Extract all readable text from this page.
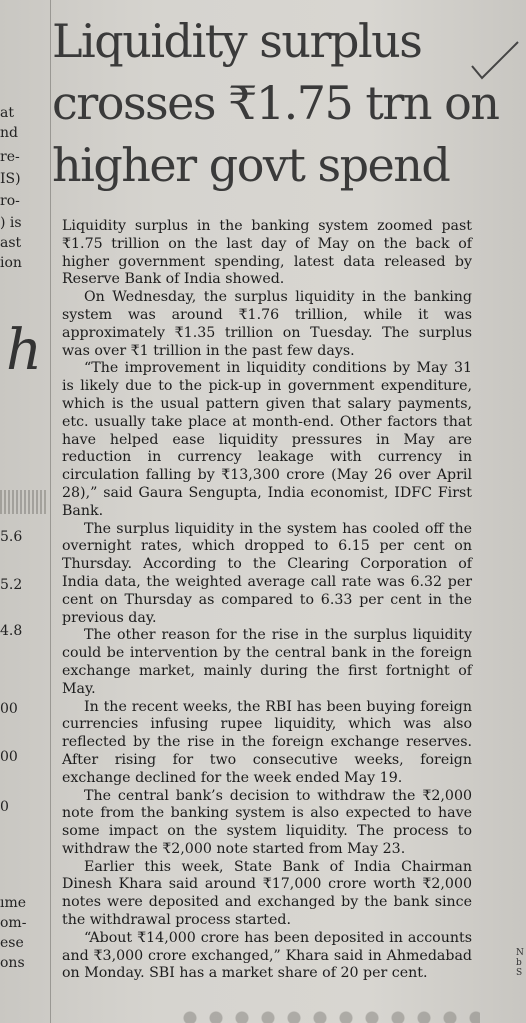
at
nd
re-
IS)
ro-
) is
ast
ion
h
5.6
5.2
4.8
00
00
0
ıme
om-
ese
ons
Liquidity surplus
crosses ₹1.75 trn on
higher govt spend

Liquidity surplus in the banking system zoomed past ₹1.75 trillion on the last day of May on the back of higher government spending, latest data released by Reserve Bank of India showed.

On Wednesday, the surplus liquidity in the banking system was around ₹1.76 trillion, while it was approximately ₹1.35 trillion on Tuesday. The surplus was over ₹1 trillion in the past few days.

“The improvement in liquidity conditions by May 31 is likely due to the pick-up in government expenditure, which is the usual pattern given that salary payments, etc. usually take place at month-end. Other factors that have helped ease liquidity pressures in May are reduction in currency leakage with currency in circulation falling by ₹13,300 crore (May 26 over April 28),” said Gaura Sengupta, India economist, IDFC First Bank.

The surplus liquidity in the system has cooled off the overnight rates, which dropped to 6.15 per cent on Thursday. According to the Clearing Corporation of India data, the weighted average call rate was 6.32 per cent on Thursday as compared to 6.33 per cent in the previous day.

The other reason for the rise in the surplus liquidity could be intervention by the central bank in the foreign exchange market, mainly during the first fortnight of May.

In the recent weeks, the RBI has been buying foreign currencies infusing rupee liquidity, which was also reflected by the rise in the foreign exchange reserves. After rising for two consecutive weeks, foreign exchange declined for the week ended May 19.

The central bank’s decision to withdraw the ₹2,000 note from the banking system is also expected to have some impact on the system liquidity. The process to withdraw the ₹2,000 note started from May 23.

Earlier this week, State Bank of India Chairman Dinesh Khara said around ₹17,000 crore worth ₹2,000 notes were deposited and exchanged by the bank since the withdrawal process started.

“About ₹14,000 crore has been deposited in accounts and ₹3,000 crore exchanged,” Khara said in Ahmedabad on Monday. SBI has a market share of 20 per cent.

N
b
S
